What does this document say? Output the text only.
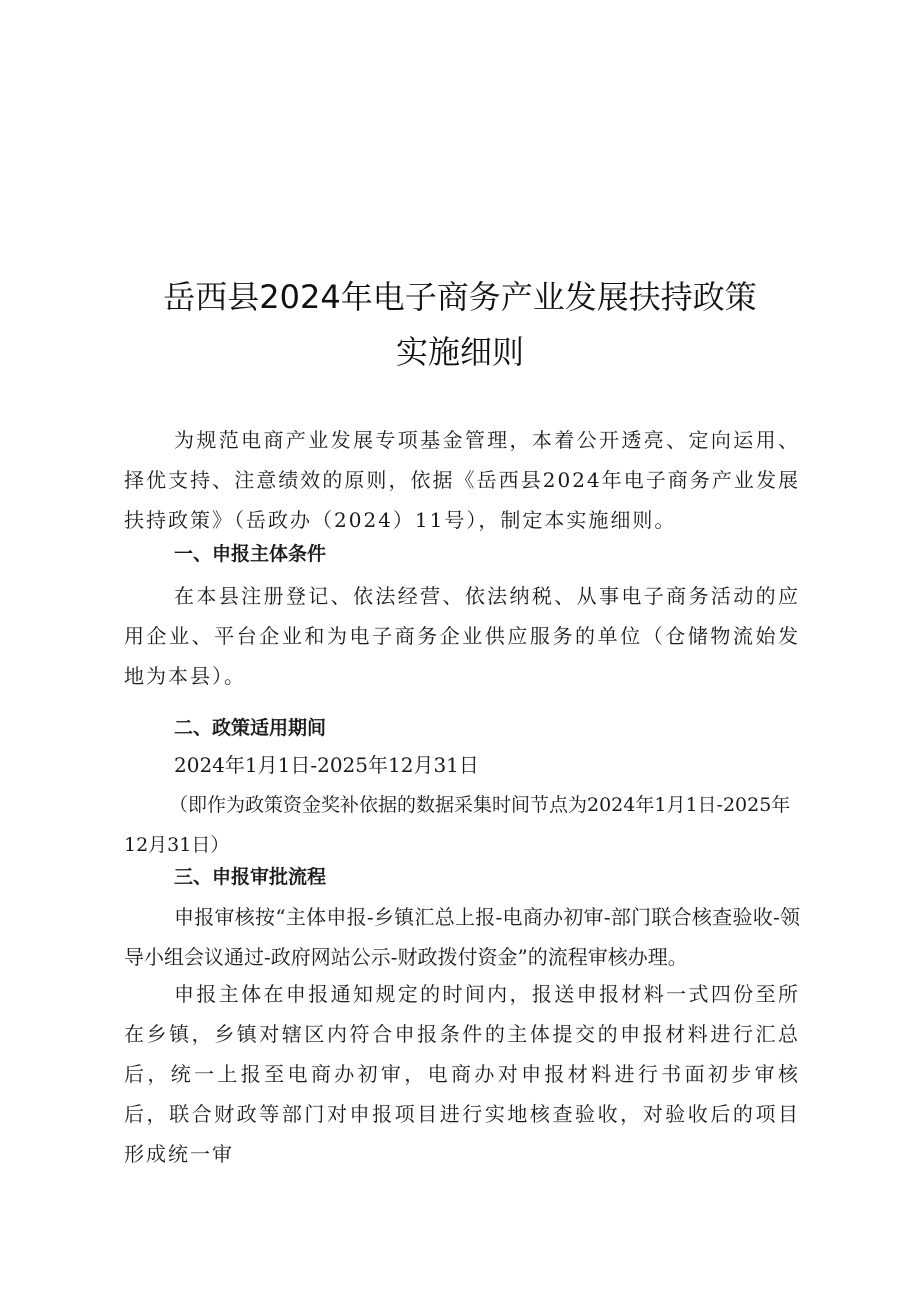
岳西县2024年电子商务产业发展扶持政策
实施细则

为规范电商产业发展专项基金管理，本着公开透亮、定向运用、择优支持、注意绩效的原则，依据《岳西县2024年电子商务产业发展扶持政策》（岳政办（2024）11号），制定本实施细则。

一、申报主体条件

在本县注册登记、依法经营、依法纳税、从事电子商务活动的应用企业、平台企业和为电子商务企业供应服务的单位（仓储物流始发地为本县）。

二、政策适用期间

2024年1月1日-2025年12月31日

（即作为政策资金奖补依据的数据采集时间节点为2024年1月1日-2025年12月31日）

三、申报审批流程

申报审核按“主体申报-乡镇汇总上报-电商办初审-部门联合核查验收-领导小组会议通过-政府网站公示-财政拨付资金”的流程审核办理。

申报主体在申报通知规定的时间内，报送申报材料一式四份至所在乡镇，乡镇对辖区内符合申报条件的主体提交的申报材料进行汇总后，统一上报至电商办初审，电商办对申报材料进行书面初步审核后，联合财政等部门对申报项目进行实地核查验收，对验收后的项目形成统一审
